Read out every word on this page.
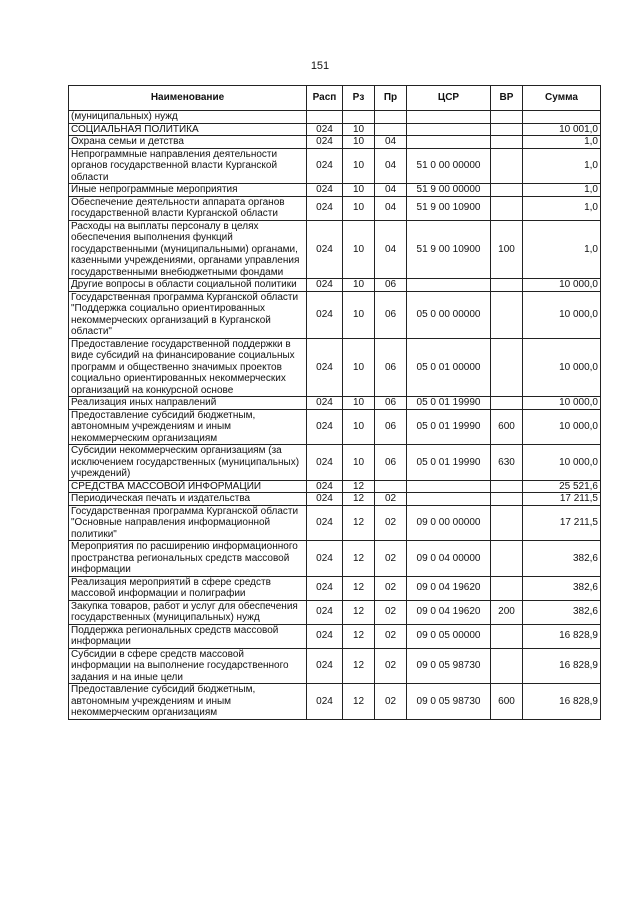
151
Наименование	Расп	Рз	Пр	ЦСР	ВР	Сумма
(муниципальных) нужд						
СОЦИАЛЬНАЯ ПОЛИТИКА	024	10				10 001,0
Охрана семьи и детства	024	10	04			1,0
Непрограммные направления деятельности органов государственной власти Курганской области	024	10	04	51 0 00 00000		1,0
Иные непрограммные мероприятия	024	10	04	51 9 00 00000		1,0
Обеспечение деятельности аппарата органов государственной власти Курганской области	024	10	04	51 9 00 10900		1,0
Расходы на выплаты персоналу в целях обеспечения выполнения функций государственными (муниципальными) органами, казенными учреждениями, органами управления государственными внебюджетными фондами	024	10	04	51 9 00 10900	100	1,0
Другие вопросы в области социальной политики	024	10	06			10 000,0
Государственная программа Курганской области "Поддержка социально ориентированных некоммерческих организаций в Курганской области"	024	10	06	05 0 00 00000		10 000,0
Предоставление государственной поддержки в виде субсидий на финансирование социальных программ и общественно значимых проектов социально ориентированных некоммерческих организаций на конкурсной основе	024	10	06	05 0 01 00000		10 000,0
Реализация иных направлений	024	10	06	05 0 01 19990		10 000,0
Предоставление субсидий бюджетным, автономным учреждениям и иным некоммерческим организациям	024	10	06	05 0 01 19990	600	10 000,0
Субсидии некоммерческим организациям (за исключением государственных (муниципальных) учреждений)	024	10	06	05 0 01 19990	630	10 000,0
СРЕДСТВА МАССОВОЙ ИНФОРМАЦИИ	024	12				25 521,6
Периодическая печать и издательства	024	12	02			17 211,5
Государственная программа Курганской области "Основные направления информационной политики"	024	12	02	09 0 00 00000		17 211,5
Мероприятия по расширению информационного пространства региональных средств массовой информации	024	12	02	09 0 04 00000		382,6
Реализация мероприятий в сфере средств массовой информации и полиграфии	024	12	02	09 0 04 19620		382,6
Закупка товаров, работ и услуг для обеспечения государственных (муниципальных) нужд	024	12	02	09 0 04 19620	200	382,6
Поддержка региональных средств массовой информации	024	12	02	09 0 05 00000		16 828,9
Субсидии в сфере средств массовой информации на выполнение государственного задания и на иные цели	024	12	02	09 0 05 98730		16 828,9
Предоставление субсидий бюджетным, автономным учреждениям и иным некоммерческим организациям	024	12	02	09 0 05 98730	600	16 828,9
